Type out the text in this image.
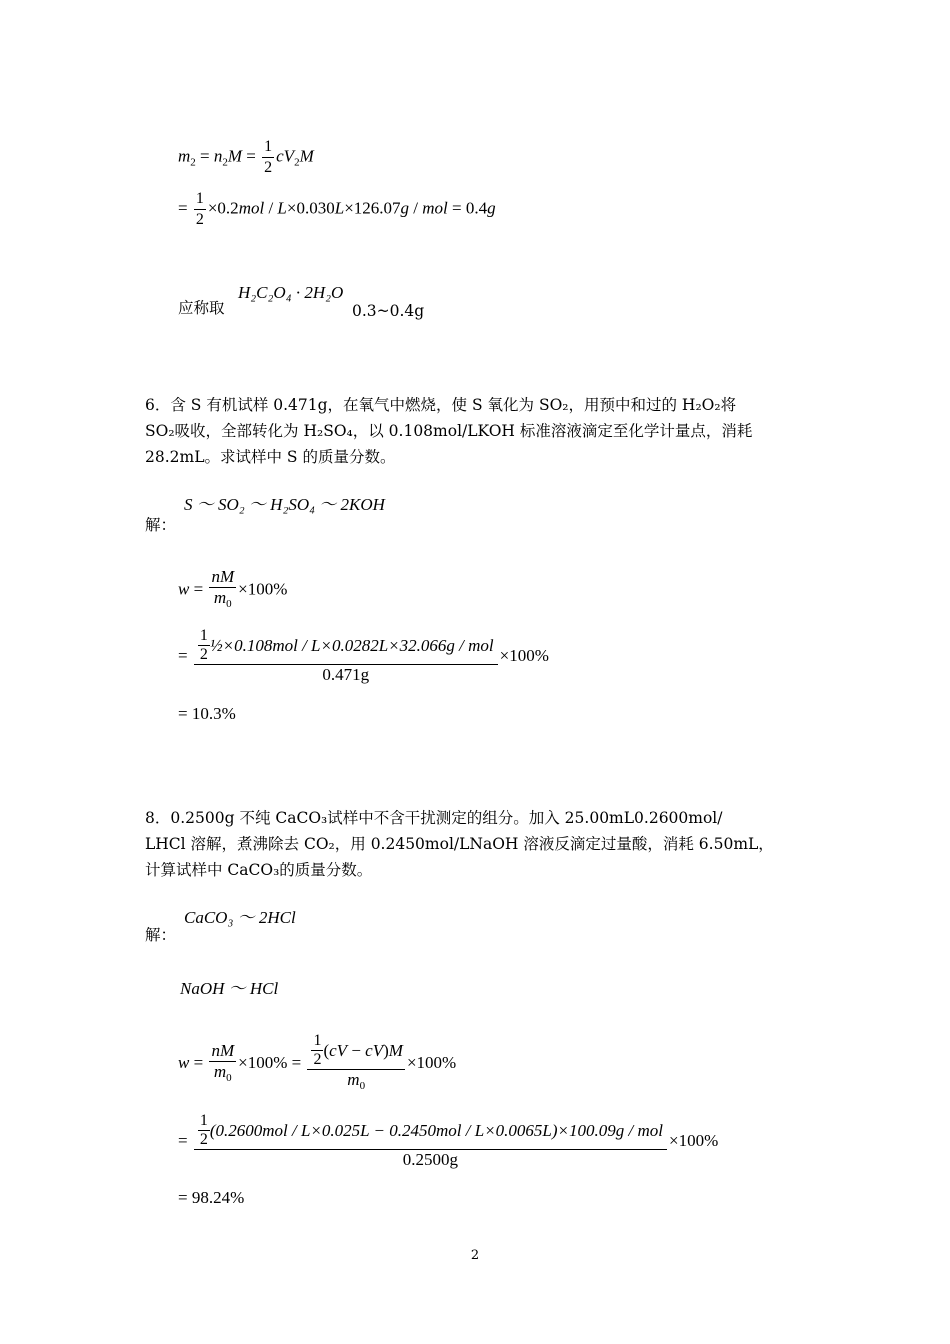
$m_2 = n_2M = \frac{1}{2} cV_2M$
= $\frac{1}{2} \times 0.2mol / L\times 0.030L\times 126.07g$ / mol = 0.4g
应称取
H₂C₂O₄ · 2H₂O
0.3~0.4g
6．含 S 有机试样 0.471g，在氧气中燃烧，使 S 氧化为 SO₂，用预中和过的 H₂O₂将
SO₂吸收，全部转化为 H₂SO₄，以 0.108mol/LKOH 标准溶液滴定至化学计量点，消耗
28.2mL。求试样中 S 的质量分数。
S ～ SO₂ ～ H₂SO₄ ～ 2KOH
解：
$w = \frac{nM}{m_0} \times 100\%$
= $\frac{\frac{1}{2} \frac{1}{2}\times 0.108mol / L\times 0.0282L\times 32.066g / mol}{0.471g} \times 100\%$
= 10.3%
8．0.2500g 不纯 CaCO₃试样中不含干扰测定的组分。加入 25.00mL0.2600mol/
LHCl 溶解，煮沸除去 CO₂，用 0.2450mol/LNaOH 溶液反滴定过量酸，消耗 6.50mL，
计算试样中 CaCO₃的质量分数。
CaCO₃ ～ 2HCl
解：
NaOH ～ HCl
$w = \frac{nM}{m_0} \times 100\% = \frac{\frac{1}{2} (cV - cV)M}{m_0} \times 100\%$
= $\frac{1}{2} (0.2600mol / L\times 0.025L - 0.2450mol / L\times 0.0065L)\times 100.09g$ / mol
0.2500g
×100%
= 98.24%
2
